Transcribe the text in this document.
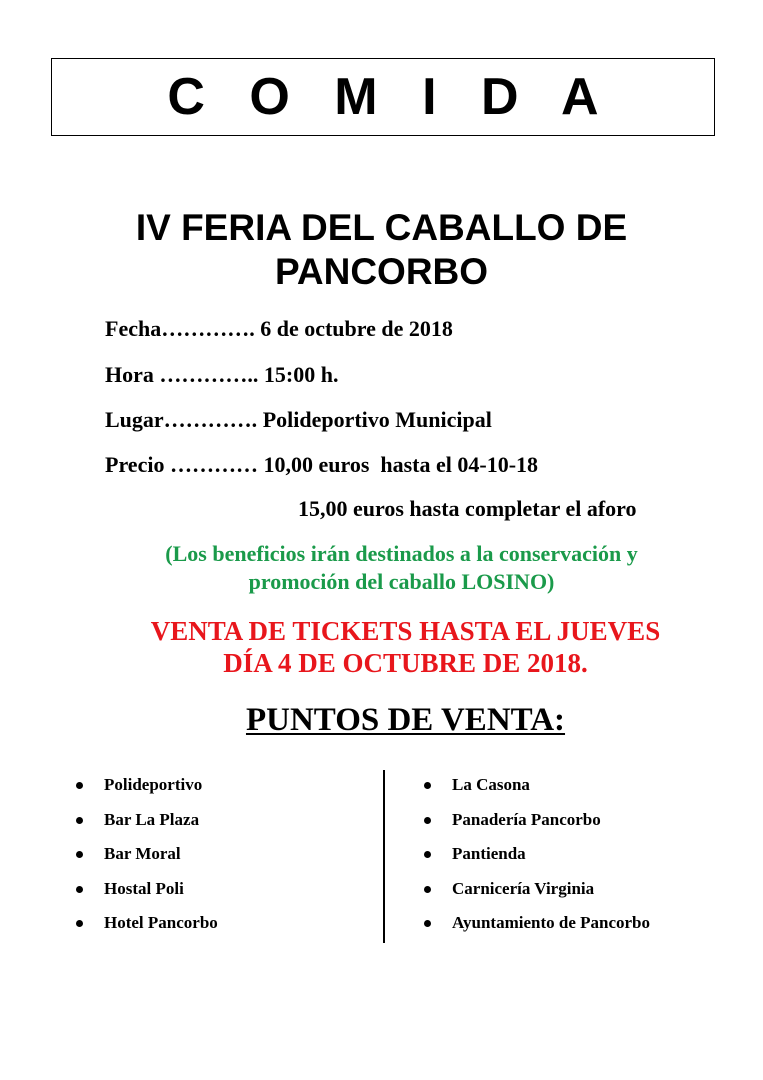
C O M I D A
IV FERIA DEL CABALLO DE
PANCORBO
Fecha…………. 6 de octubre de 2018
Hora ………….. 15:00 h.
Lugar…………. Polideportivo Municipal
Precio ………… 10,00 euros  hasta el 04-10-18
15,00 euros hasta completar el aforo
(Los beneficios irán destinados a la conservación y
promoción del caballo LOSINO)
VENTA DE TICKETS HASTA EL JUEVES
DÍA 4 DE OCTUBRE DE 2018.
PUNTOS DE VENTA:
Polideportivo
Bar La Plaza
Bar Moral
Hostal Poli
Hotel Pancorbo
La Casona
Panadería Pancorbo
Pantienda
Carnicería Virginia
Ayuntamiento de Pancorbo
